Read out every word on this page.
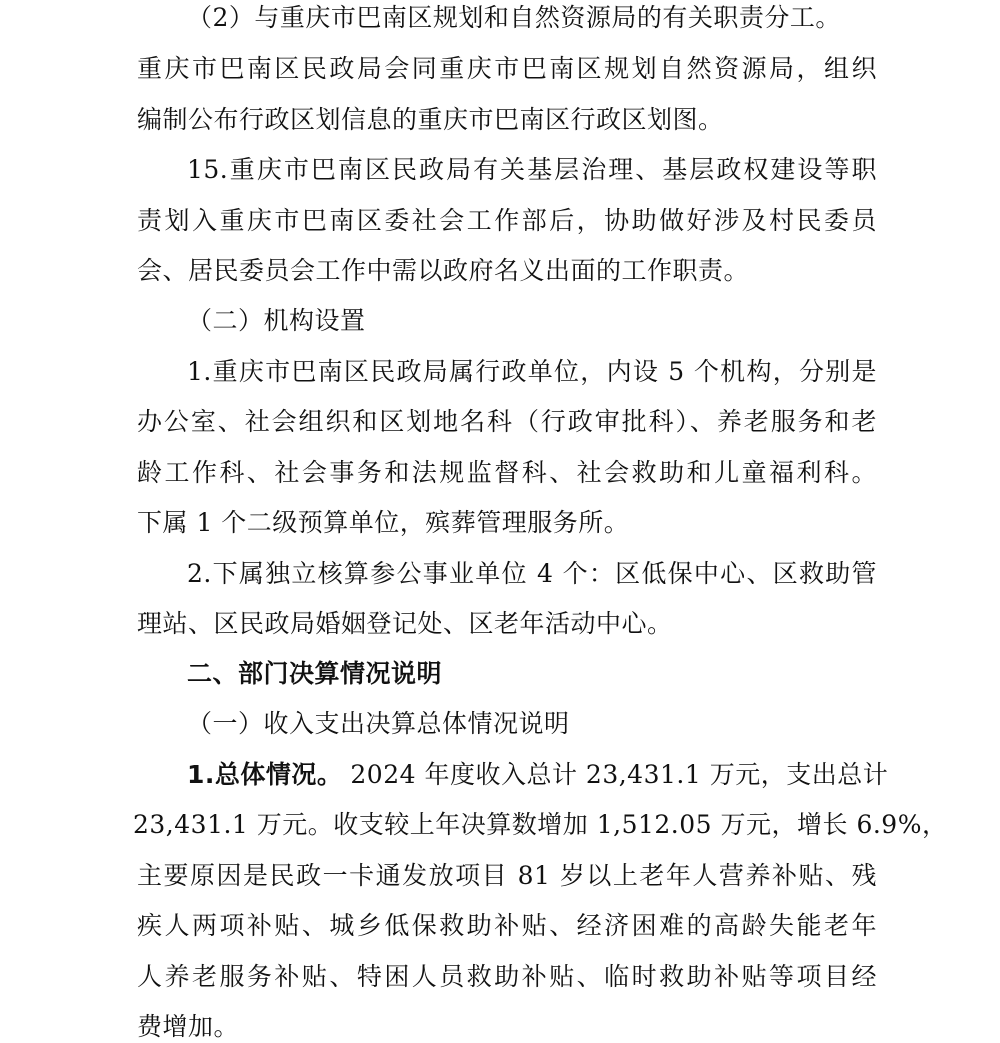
（2）与重庆市巴南区规划和自然资源局的有关职责分工。
重庆市巴南区民政局会同重庆市巴南区规划自然资源局，组织
编制公布行政区划信息的重庆市巴南区行政区划图。
15.重庆市巴南区民政局有关基层治理、基层政权建设等职
责划入重庆市巴南区委社会工作部后，协助做好涉及村民委员
会、居民委员会工作中需以政府名义出面的工作职责。
（二）机构设置
1.重庆市巴南区民政局属行政单位，内设 5 个机构，分别是
办公室、社会组织和区划地名科（行政审批科）、养老服务和老
龄工作科、社会事务和法规监督科、社会救助和儿童福利科。
下属 1 个二级预算单位，殡葬管理服务所。
2.下属独立核算参公事业单位 4 个：区低保中心、区救助管
理站、区民政局婚姻登记处、区老年活动中心。
二、部门决算情况说明
（一）收入支出决算总体情况说明
1.总体情况。 2024 年度收入总计 23,431.1 万元，支出总计
23,431.1 万元。收支较上年决算数增加 1,512.05 万元，增长 6.9%，
主要原因是民政一卡通发放项目 81 岁以上老年人营养补贴、残
疾人两项补贴、城乡低保救助补贴、经济困难的高龄失能老年
人养老服务补贴、特困人员救助补贴、临时救助补贴等项目经
费增加。
